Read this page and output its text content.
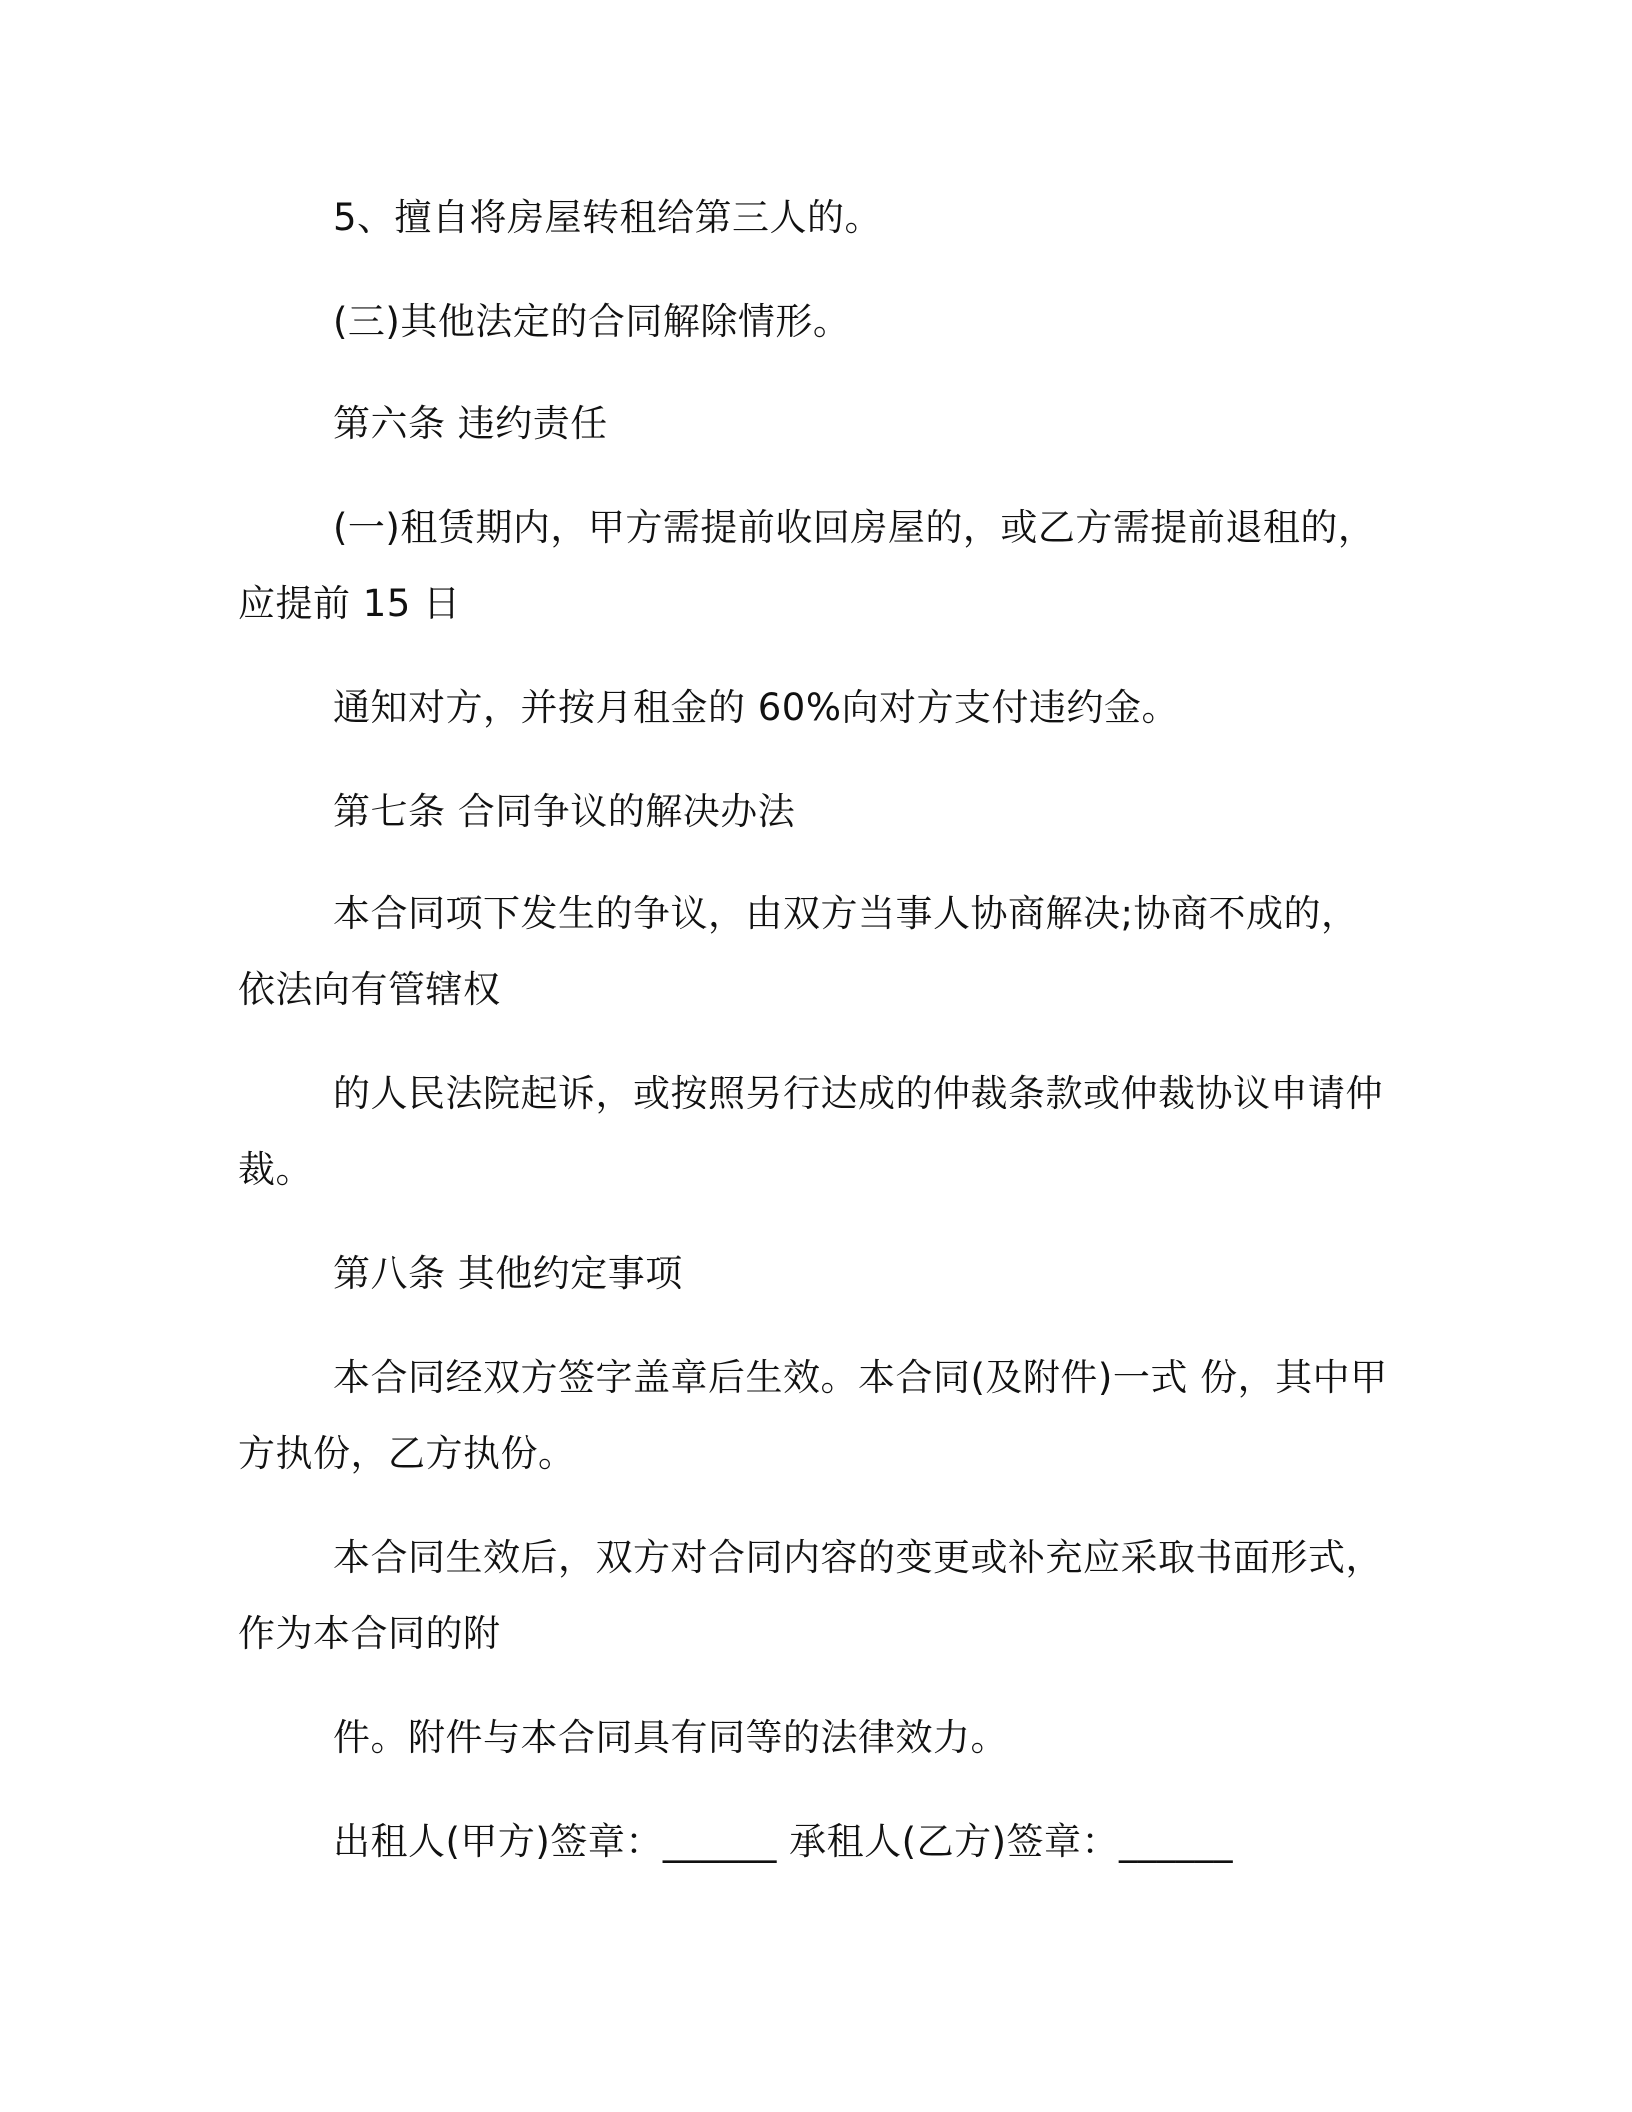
5、擅自将房屋转租给第三人的。
(三)其他法定的合同解除情形。
第六条 违约责任
(一)租赁期内，甲方需提前收回房屋的，或乙方需提前退租的，
应提前 15 日
通知对方，并按月租金的 60%向对方支付违约金。
第七条 合同争议的解决办法
本合同项下发生的争议，由双方当事人协商解决;协商不成的，
依法向有管辖权
的人民法院起诉，或按照另行达成的仲裁条款或仲裁协议申请仲
裁。
第八条 其他约定事项
本合同经双方签字盖章后生效。本合同(及附件)一式 份，其中甲
方执份，乙方执份。
本合同生效后，双方对合同内容的变更或补充应采取书面形式，
作为本合同的附
件。附件与本合同具有同等的法律效力。
出租人(甲方)签章：______ 承租人(乙方)签章：______
